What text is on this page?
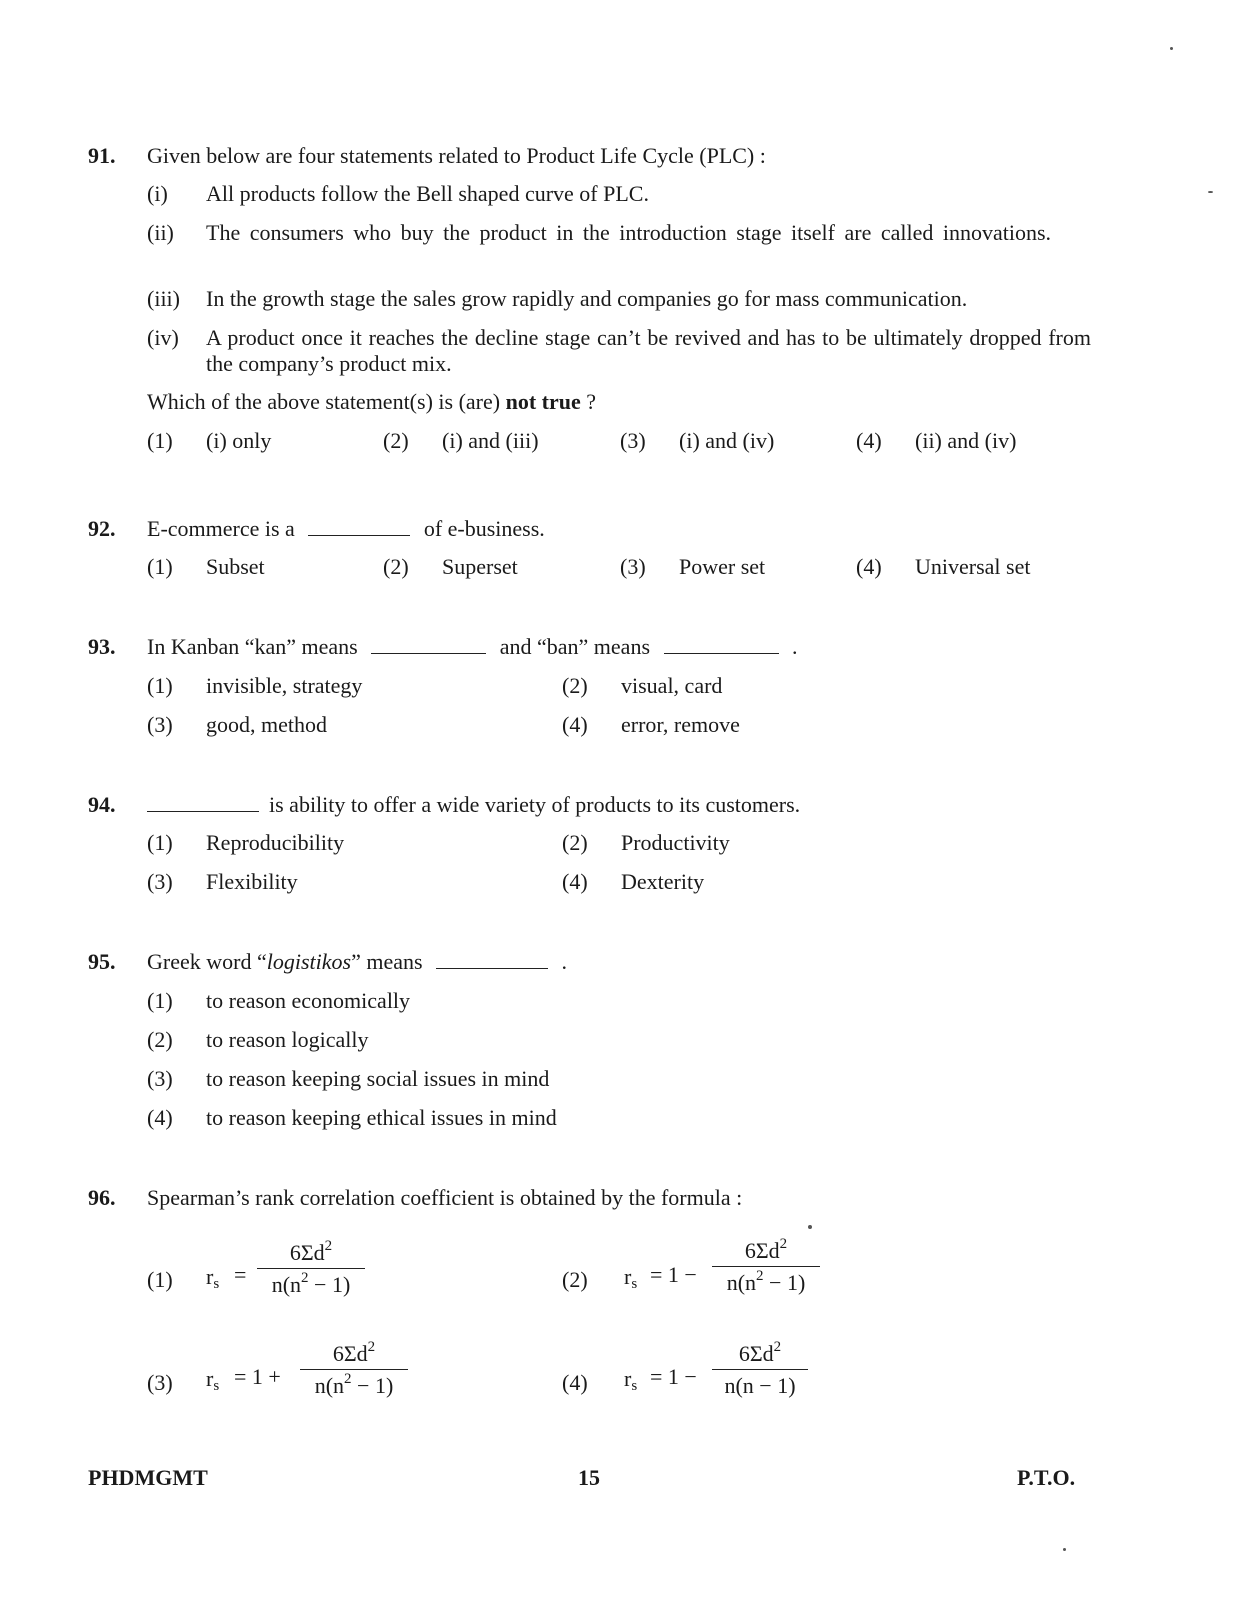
91. Given below are four statements related to Product Life Cycle (PLC) :
(i) All products follow the Bell shaped curve of PLC.
(ii) The consumers who buy the product in the introduction stage itself are called innovations.
(iii) In the growth stage the sales grow rapidly and companies go for mass communication.
(iv) A product once it reaches the decline stage can’t be revived and has to be ultimately dropped from the company’s product mix.
Which of the above statement(s) is (are) not true ?
(1) (i) only	(2) (i) and (iii)	(3) (i) and (iv)	(4) (ii) and (iv)
92. E-commerce is a	of e-business.
(1) Subset	(2) Superset	(3) Power set	(4) Universal set
93. In Kanban “kan” means	and “ban” means	.
(1) invisible, strategy	(2) visual, card
(3) good, method	(4) error, remove
94.	is ability to offer a wide variety of products to its customers.
(1) Reproducibility	(2) Productivity
(3) Flexibility	(4) Dexterity
95. Greek word “logistikos” means	.
(1) to reason economically
(2) to reason logically
(3) to reason keeping social issues in mind
(4) to reason keeping ethical issues in mind
96. Spearman’s rank correlation coefficient is obtained by the formula :
(1) $r_s = \frac{6\Sigma d^2}{n(n^2 - 1)}$	(2) $r_s = 1 - \frac{6\Sigma d^2}{n(n^2 - 1)}$
(3) $r_s = 1 + \frac{6\Sigma d^2}{n(n^2 - 1)}$	(4) $r_s = 1 - \frac{6\Sigma d^2}{n(n - 1)}$
PHDMGMT	15	P.T.O.
